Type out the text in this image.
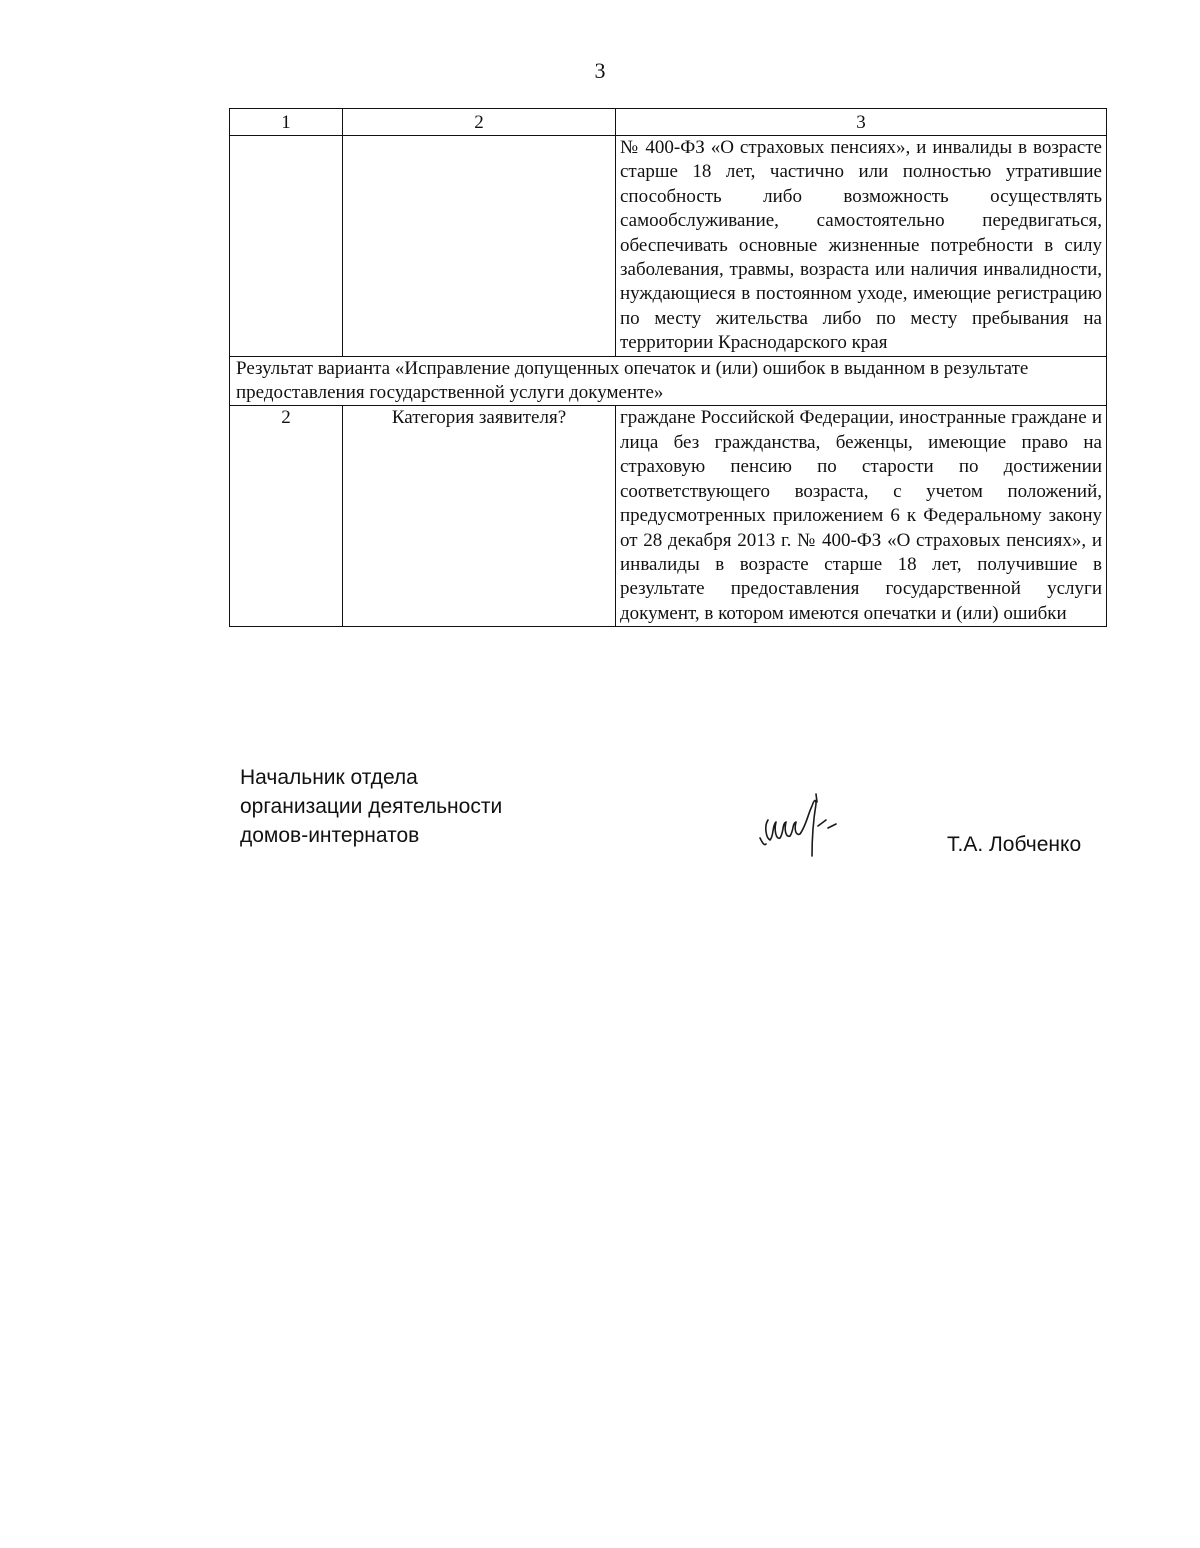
3
1	2	3
		№ 400-ФЗ «О страховых пенсиях», и инвалиды в возрасте старше 18 лет, частично или полностью утратившие способность либо возможность осуществлять самообслуживание, самостоятельно передвигаться, обеспечивать основные жизненные потребности в силу заболевания, травмы, возраста или наличия инвалидности, нуждающиеся в постоянном уходе, имеющие регистрацию по месту жительства либо по месту пребывания на территории Краснодарского края
Результат варианта «Исправление допущенных опечаток и (или) ошибок в выданном в результате предоставления государственной услуги документе»		
2	Категория заявителя?	граждане Российской Федерации, иностранные граждане и лица без гражданства, беженцы, имеющие право на страховую пенсию по старости по достижении соответствующего возраста, с учетом положений, предусмотренных приложением 6 к Федеральному закону от 28 декабря 2013 г. № 400-ФЗ «О страховых пенсиях», и инвалиды в возрасте старше 18 лет, получившие в результате предоставления государственной услуги документ, в котором имеются опечатки и (или) ошибки
Начальник отдела
организации деятельности
домов-интернатов	Т.А. Лобченко
